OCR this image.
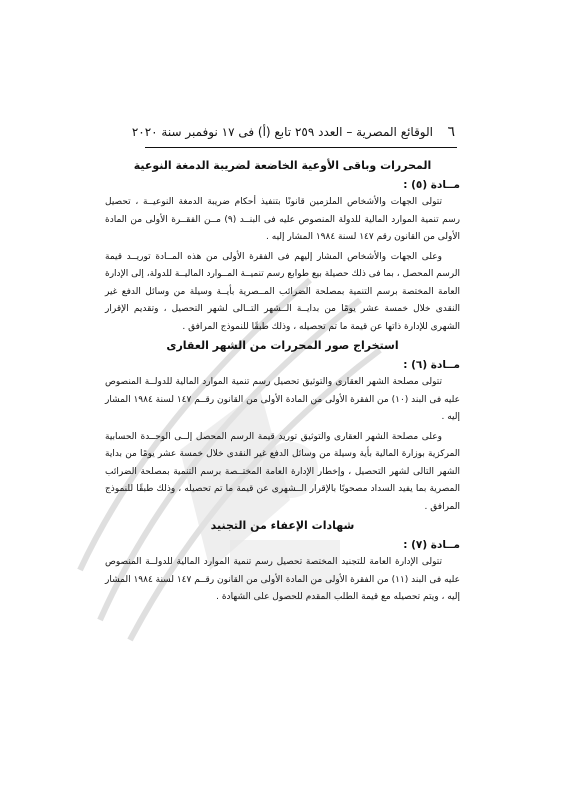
٦
الوقائع المصرية – العدد ٢٥٩ تابع (أ) فى ١٧ نوفمبر سنة ٢٠٢٠
المحررات وباقى الأوعية الخاضعة لضريبة الدمغة النوعية
مــادة (٥) :

تتولى الجهات والأشخاص الملزمين قانونًا بتنفيذ أحكام ضريبة الدمغة النوعيــة ، تحصيل رسم تنمية الموارد المالية للدولة المنصوص عليه فى البنــد (٩) مــن الفقــرة الأولى من المادة الأولى من القانون رقم ١٤٧ لسنة ١٩٨٤ المشار إليه .

وعلى الجهات والأشخاص المشار إليهم فى الفقرة الأولى من هذه المــادة توريــد قيمة الرسم المحصل ، بما فى ذلك حصيلة بيع طوابع رسم تنميــة المــوارد الماليــة للدولة، إلى الإدارة العامة المختصة برسم التنمية بمصلحة الضرائب المــصرية بأيــة وسيلة من وسائل الدفع غير النقدى خلال خمسة عشر يومًا من بدايــة الــشهر التــالى لشهر التحصيل ، وتقديم الإقرار الشهرى للإدارة ذاتها عن قيمة ما تم تحصيله ، وذلك طبقًا للنموذج المرافق .

استخراج صور المحررات من الشهر العقارى
مــادة (٦) :

تتولى مصلحة الشهر العقارى والتوثيق تحصيل رسم تنمية الموارد المالية للدولــة المنصوص عليه فى البند (١٠) من الفقرة الأولى من المادة الأولى من القانون رقــم ١٤٧ لسنة ١٩٨٤ المشار إليه .

وعلى مصلحة الشهر العقارى والتوثيق توريد قيمة الرسم المحصل إلــى الوحــدة الحسابية المركزية بوزارة المالية بأية وسيلة من وسائل الدفع غير النقدى خلال خمسة عشر يومًا من بداية الشهر التالى لشهر التحصيل ، وإخطار الإدارة العامة المختــصة برسم التنمية بمصلحة الضرائب المصرية بما يفيد السداد مصحوبًا بالإقرار الــشهرى عن قيمة ما تم تحصيله ، وذلك طبقًا للنموذج المرافق .

شهادات الإعفاء من التجنيد
مــادة (٧) :

تتولى الإدارة العامة للتجنيد المختصة تحصيل رسم تنمية الموارد المالية للدولــة المنصوص عليه فى البند (١١) من الفقرة الأولى من المادة الأولى من القانون رقــم ١٤٧ لسنة ١٩٨٤ المشار إليه ، ويتم تحصيله مع قيمة الطلب المقدم للحصول على الشهادة .
